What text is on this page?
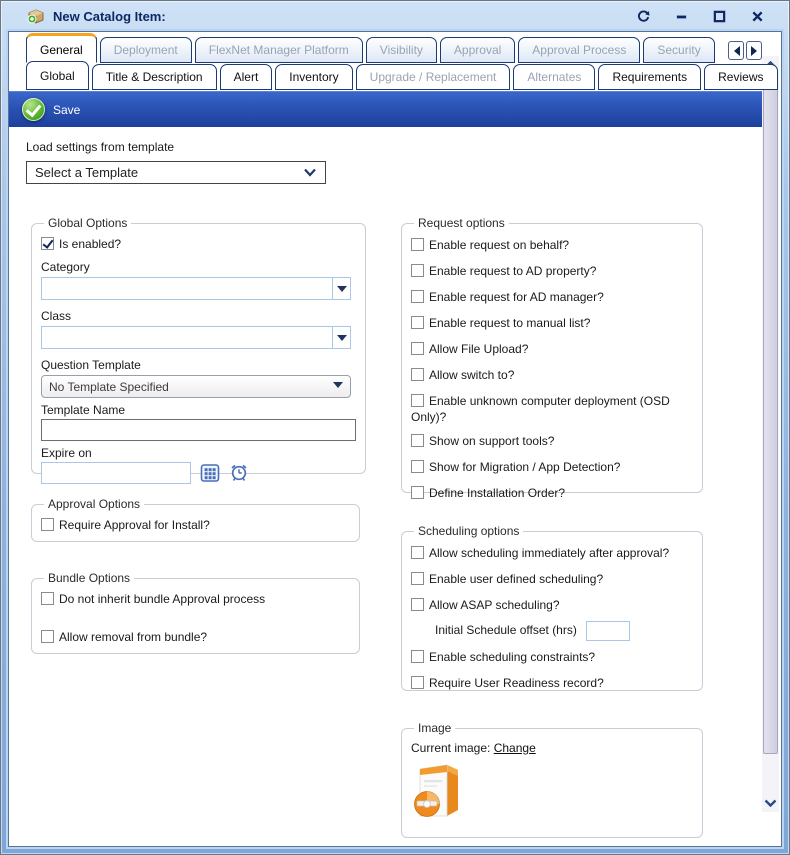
New Catalog Item:
General	Deployment	FlexNet Manager Platform	Visibility	Approval	Approval Process	Security
Global	Title & Description	Alert	Inventory	Upgrade / Replacement	Alternates	Requirements	Reviews
Save
Load settings from template
Select a Template
Global Options
Is enabled?
Category
Class
Question Template
No Template Specified
Template Name
Expire on
Approval Options
Require Approval for Install?
Bundle Options
Do not inherit bundle Approval process
Allow removal from bundle?
Request options
Enable request on behalf?
Enable request to AD property?
Enable request for AD manager?
Enable request to manual list?
Allow File Upload?
Allow switch to?
Enable unknown computer deployment (OSD Only)?
Show on support tools?
Show for Migration / App Detection?
Define Installation Order?
Scheduling options
Allow scheduling immediately after approval?
Enable user defined scheduling?
Allow ASAP scheduling?
Initial Schedule offset (hrs)
Enable scheduling constraints?
Require User Readiness record?
Image
Current image: Change
